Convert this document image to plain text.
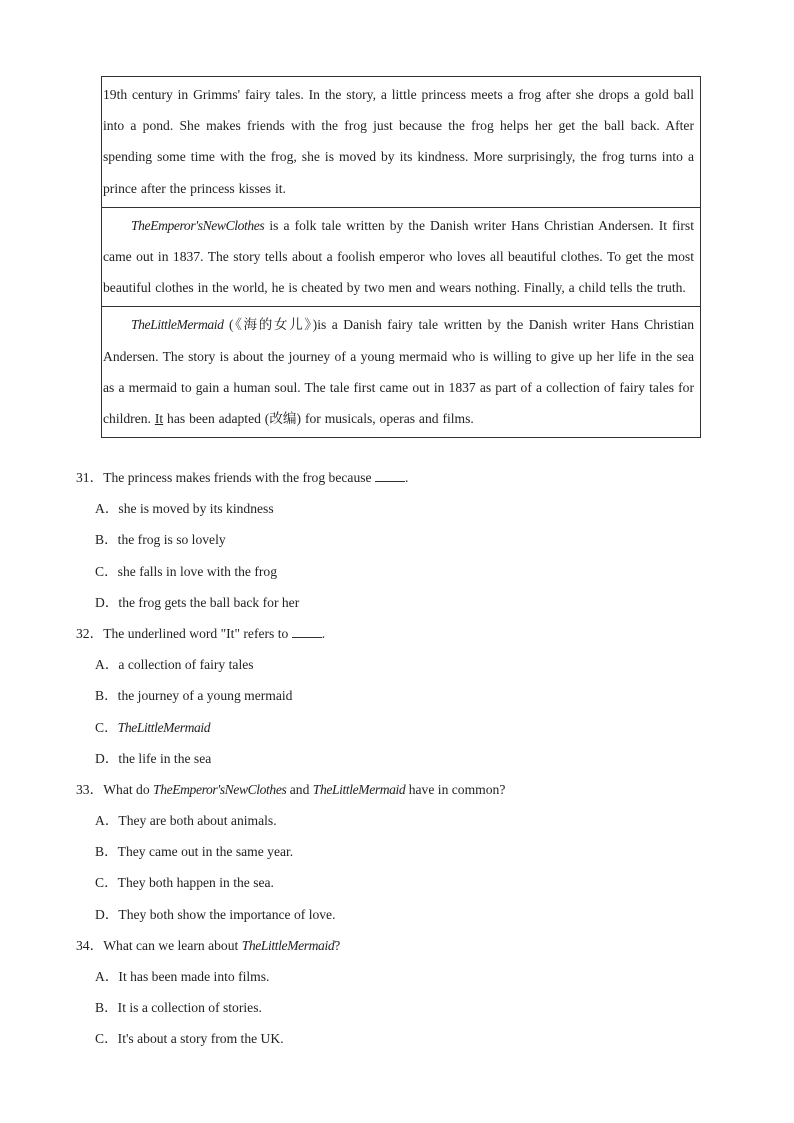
19th century in Grimms' fairy tales. In the story, a little princess meets a frog after she drops a gold ball into a pond. She makes friends with the frog just because the frog helps her get the ball back. After spending some time with the frog, she is moved by its kindness. More surprisingly, the frog turns into a prince after the princess kisses it.
TheEmperor'sNewClothes is a folk tale written by the Danish writer Hans Christian Andersen. It first came out in 1837. The story tells about a foolish emperor who loves all beautiful clothes. To get the most beautiful clothes in the world, he is cheated by two men and wears nothing. Finally, a child tells the truth.
TheLittleMermaid (《海的女儿》)is a Danish fairy tale written by the Danish writer Hans Christian Andersen. The story is about the journey of a young mermaid who is willing to give up her life in the sea as a mermaid to gain a human soul. The tale first came out in 1837 as part of a collection of fairy tales for children. It has been adapted (改编) for musicals, operas and films.
31．The princess makes friends with the frog because .
A．she is moved by its kindness
B．the frog is so lovely
C．she falls in love with the frog
D．the frog gets the ball back for her
32．The underlined word "It" refers to .
A．a collection of fairy tales
B．the journey of a young mermaid
C．TheLittleMermaid
D．the life in the sea
33．What do TheEmperor'sNewClothes and TheLittleMermaid have in common?
A．They are both about animals.
B．They came out in the same year.
C．They both happen in the sea.
D．They both show the importance of love.
34．What can we learn about TheLittleMermaid?
A．It has been made into films.
B．It is a collection of stories.
C．It's about a story from the UK.
